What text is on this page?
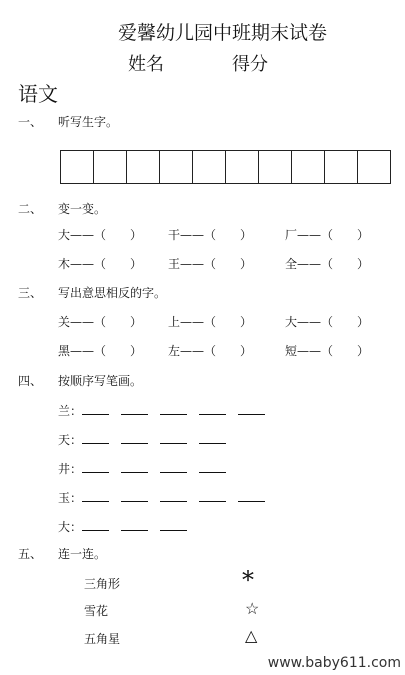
爱馨幼儿园中班期末试卷
姓名	得分
语文
一、 听写生字。
二、 变一变。
大——（　　） 干——（　　）	厂——（　　）
木——（　　） 王——（　　）	全——（　　）
三、 写出意思相反的字。
关——（　　） 上——（　　）	大——（　　）
黑——（　　） 左——（　　）	短——（　　）
四、 按顺序写笔画。
兰：
天：
井：
玉：
大：
五、 连一连。
三角形
雪花
五角星
*
☆
△
www.baby611.com
